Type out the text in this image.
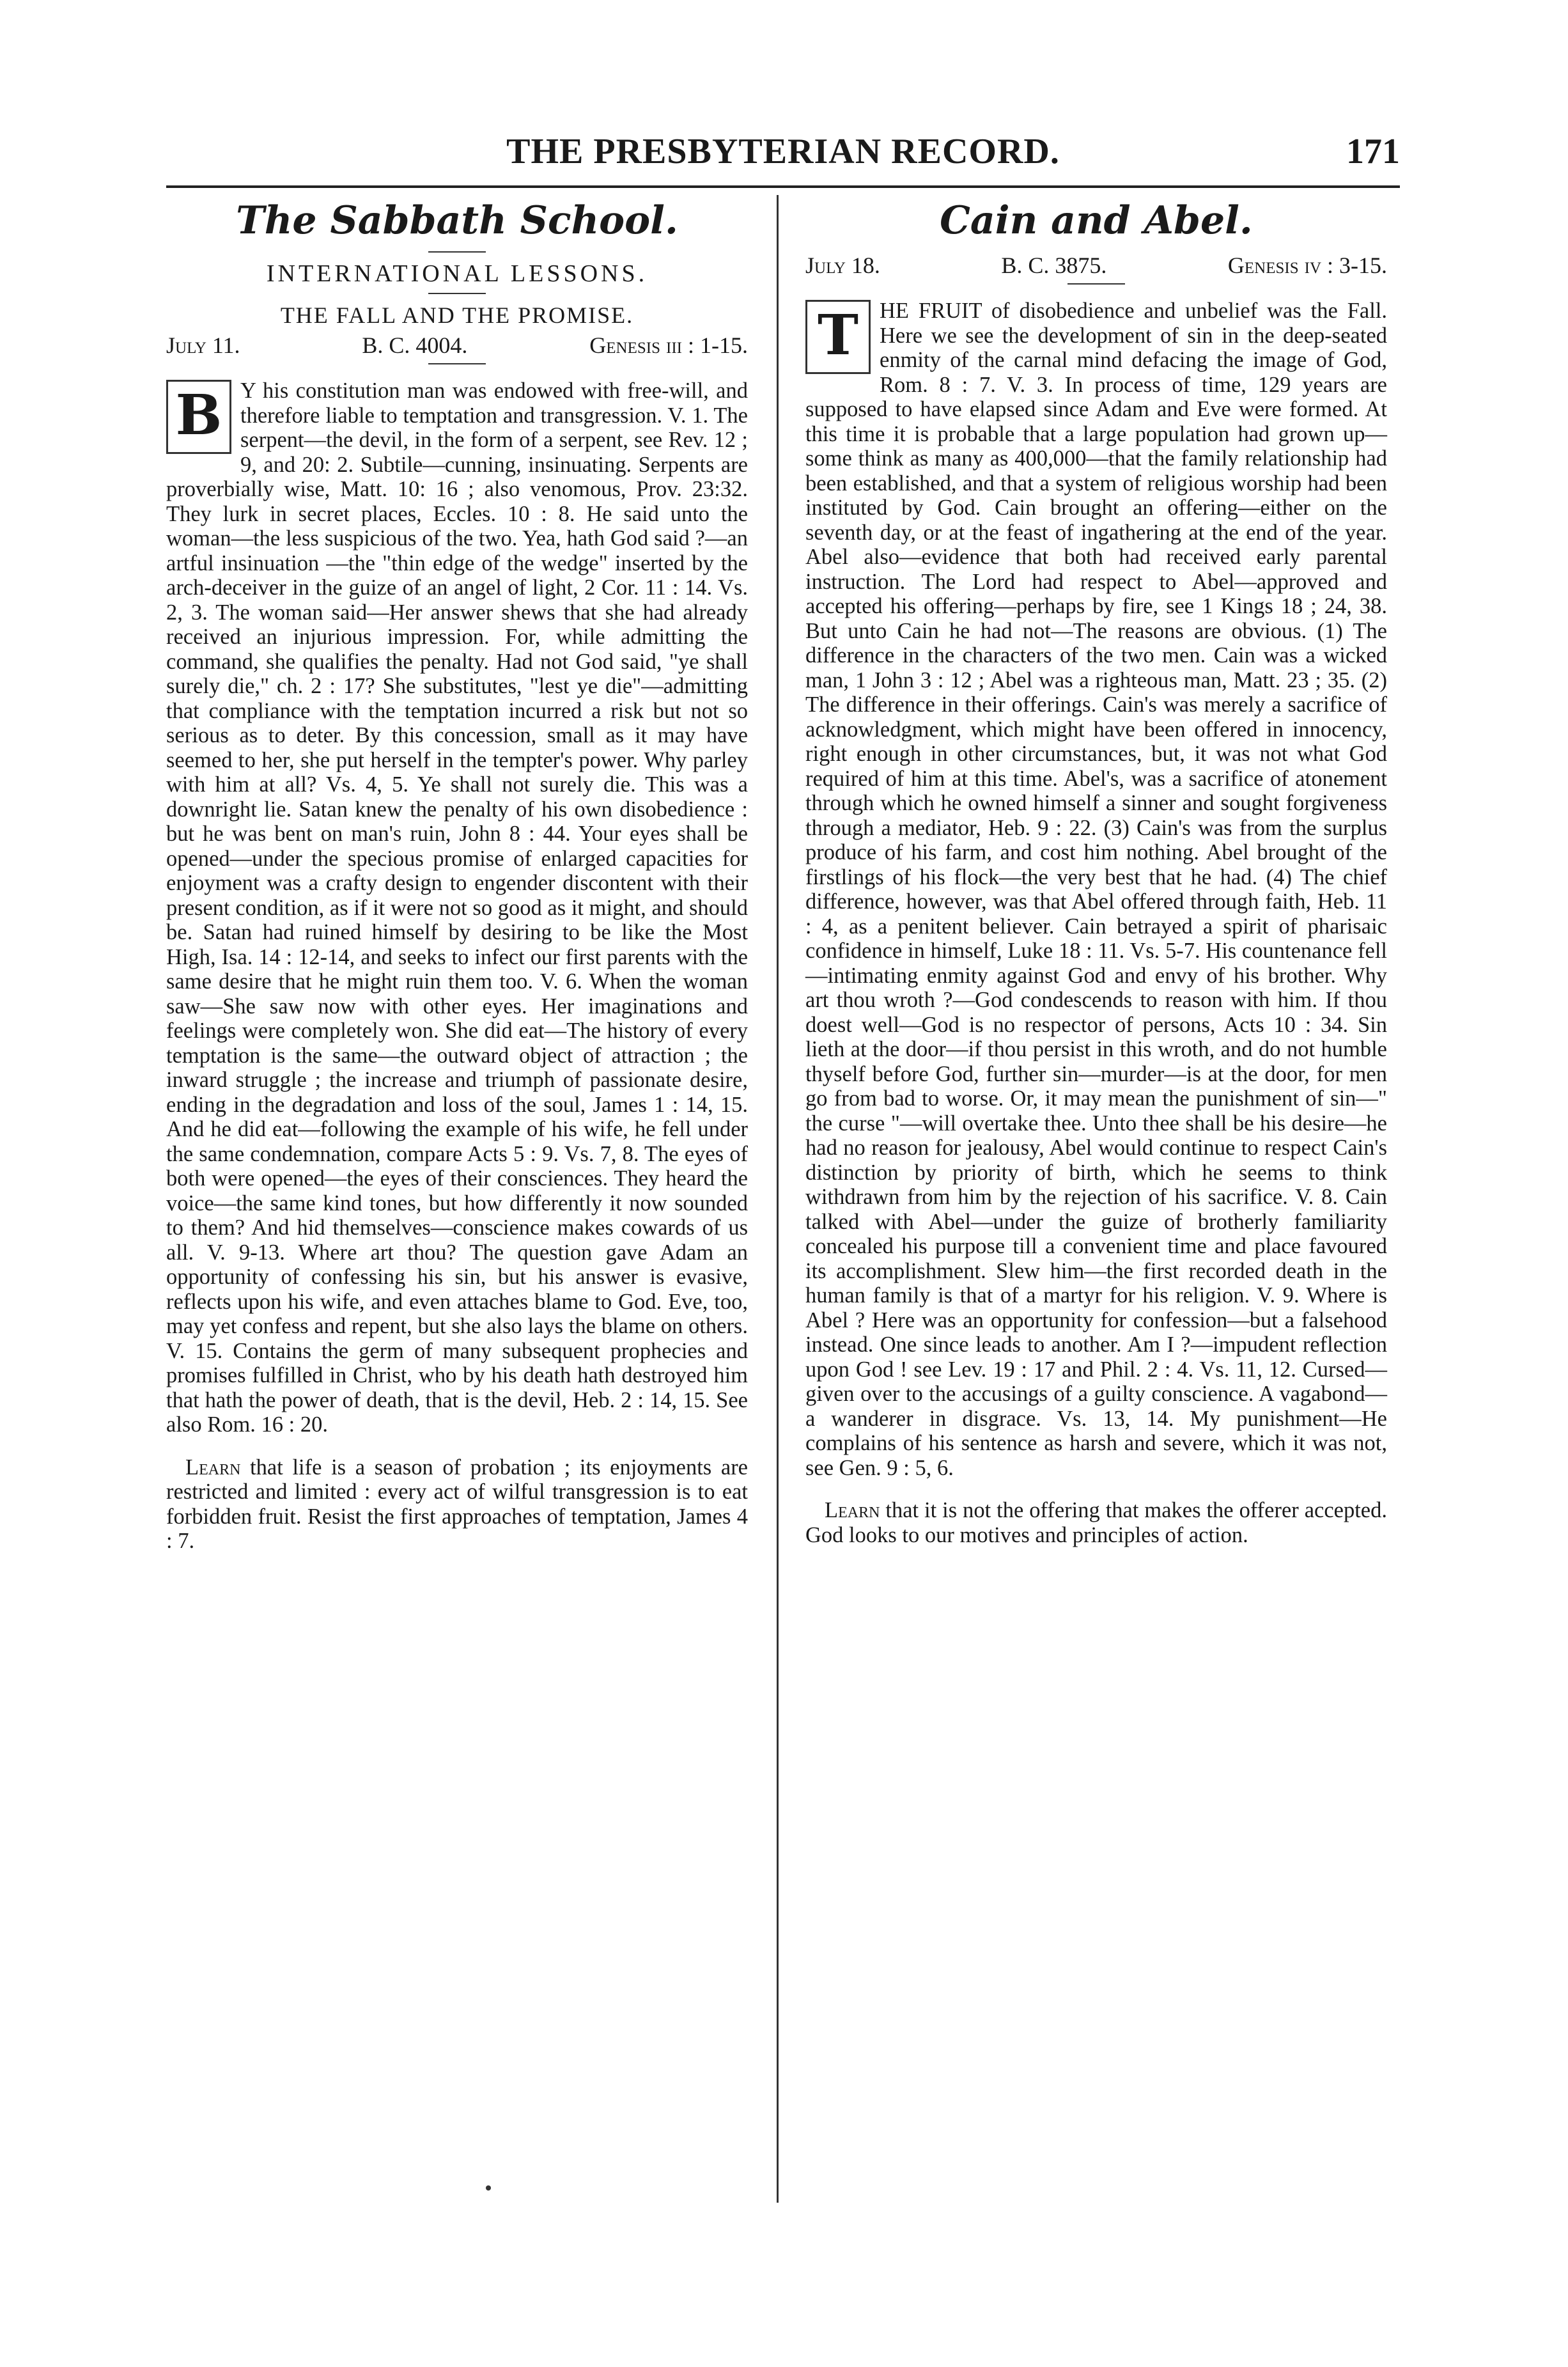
THE PRESBYTERIAN RECORD.	171
The Sabbath School.
INTERNATIONAL LESSONS.
THE FALL AND THE PROMISE.
July 11.	B. C. 4004.	Genesis iii : 1-15.
B Y his constitution man was endowed with free-will, and therefore liable to temptation and transgression. V. 1. The serpent—the devil, in the form of a serpent, see Rev. 12 ; 9, and 20: 2. Subtile—cunning, insinuating. Serpents are proverbially wise, Matt. 10: 16 ; also venomous, Prov. 23:32. They lurk in secret places, Eccles. 10 : 8. He said unto the woman—the less suspicious of the two. Yea, hath God said ?—an artful insinuation —the "thin edge of the wedge" inserted by the arch-deceiver in the guize of an angel of light, 2 Cor. 11 : 14. Vs. 2, 3. The woman said—Her answer shews that she had already received an injurious impression. For, while admitting the command, she qualifies the penalty. Had not God said, "ye shall surely die," ch. 2 : 17? She substitutes, "lest ye die"—admitting that compliance with the temptation incurred a risk but not so serious as to deter. By this concession, small as it may have seemed to her, she put herself in the tempter's power. Why parley with him at all? Vs. 4, 5. Ye shall not surely die. This was a downright lie. Satan knew the penalty of his own disobedience : but he was bent on man's ruin, John 8 : 44. Your eyes shall be opened—under the specious promise of enlarged capacities for enjoyment was a crafty design to engender discontent with their present condition, as if it were not so good as it might, and should be. Satan had ruined himself by desiring to be like the Most High, Isa. 14 : 12-14, and seeks to infect our first parents with the same desire that he might ruin them too. V. 6. When the woman saw—She saw now with other eyes. Her imaginations and feelings were completely won. She did eat—The history of every temptation is the same—the outward object of attraction ; the inward struggle ; the increase and triumph of passionate desire, ending in the degradation and loss of the soul, James 1 : 14, 15. And he did eat—following the example of his wife, he fell under the same condemnation, compare Acts 5 : 9. Vs. 7, 8. The eyes of both were opened—the eyes of their consciences. They heard the voice—the same kind tones, but how differently it now sounded to them? And hid themselves—conscience makes cowards of us all. V. 9-13. Where art thou? The question gave Adam an opportunity of confessing his sin, but his answer is evasive, reflects upon his wife, and even attaches blame to God. Eve, too, may yet confess and repent, but she also lays the blame on others. V. 15. Contains the germ of many subsequent prophecies and promises fulfilled in Christ, who by his death hath destroyed him that hath the power of death, that is the devil, Heb. 2 : 14, 15. See also Rom. 16 : 20.
Learn that life is a season of probation ; its enjoyments are restricted and limited : every act of wilful transgression is to eat forbidden fruit. Resist the first approaches of temptation, James 4 : 7.
Cain and Abel.
July 18.	B. C. 3875.	Genesis iv : 3-15.
T HE FRUIT of disobedience and unbelief was the Fall. Here we see the development of sin in the deep-seated enmity of the carnal mind defacing the image of God, Rom. 8 : 7. V. 3. In process of time, 129 years are supposed to have elapsed since Adam and Eve were formed. At this time it is probable that a large population had grown up—some think as many as 400,000—that the family relationship had been established, and that a system of religious worship had been instituted by God. Cain brought an offering—either on the seventh day, or at the feast of ingathering at the end of the year. Abel also—evidence that both had received early parental instruction. The Lord had respect to Abel—approved and accepted his offering—perhaps by fire, see 1 Kings 18 ; 24, 38. But unto Cain he had not—The reasons are obvious. (1) The difference in the characters of the two men. Cain was a wicked man, 1 John 3 : 12 ; Abel was a righteous man, Matt. 23 ; 35. (2) The difference in their offerings. Cain's was merely a sacrifice of acknowledgment, which might have been offered in innocency, right enough in other circumstances, but, it was not what God required of him at this time. Abel's, was a sacrifice of atonement through which he owned himself a sinner and sought forgiveness through a mediator, Heb. 9 : 22. (3) Cain's was from the surplus produce of his farm, and cost him nothing. Abel brought of the firstlings of his flock—the very best that he had. (4) The chief difference, however, was that Abel offered through faith, Heb. 11 : 4, as a penitent believer. Cain betrayed a spirit of pharisaic confidence in himself, Luke 18 : 11. Vs. 5-7. His countenance fell—intimating enmity against God and envy of his brother. Why art thou wroth ?—God condescends to reason with him. If thou doest well—God is no respector of persons, Acts 10 : 34. Sin lieth at the door—if thou persist in this wroth, and do not humble thyself before God, further sin—murder—is at the door, for men go from bad to worse. Or, it may mean the punishment of sin—" the curse "—will overtake thee. Unto thee shall be his desire—he had no reason for jealousy, Abel would continue to respect Cain's distinction by priority of birth, which he seems to think withdrawn from him by the rejection of his sacrifice. V. 8. Cain talked with Abel—under the guize of brotherly familiarity concealed his purpose till a convenient time and place favoured its accomplishment. Slew him—the first recorded death in the human family is that of a martyr for his religion. V. 9. Where is Abel ? Here was an opportunity for confession—but a falsehood instead. One since leads to another. Am I ?—impudent reflection upon God ! see Lev. 19 : 17 and Phil. 2 : 4. Vs. 11, 12. Cursed—given over to the accusings of a guilty conscience. A vagabond—a wanderer in disgrace. Vs. 13, 14. My punishment—He complains of his sentence as harsh and severe, which it was not, see Gen. 9 : 5, 6.
Learn that it is not the offering that makes the offerer accepted. God looks to our motives and principles of action.
